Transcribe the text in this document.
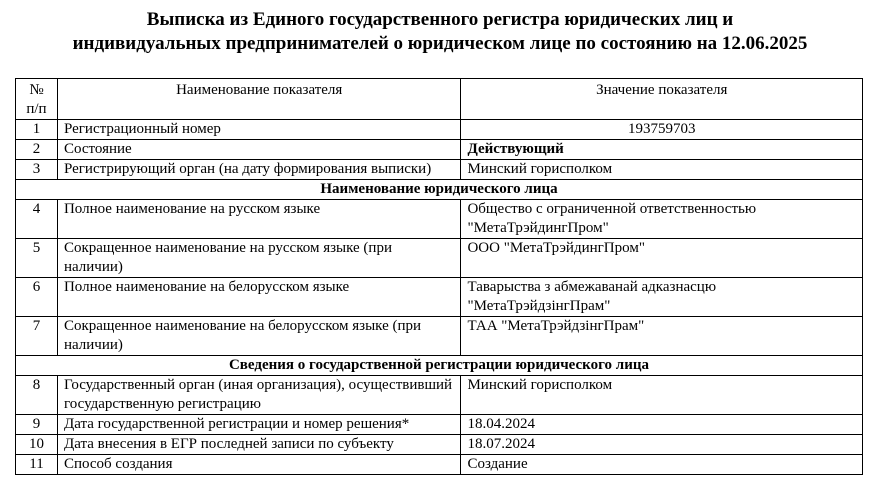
Выписка из Единого государственного регистра юридических лиц и
индивидуальных предпринимателей о юридическом лице по состоянию на 12.06.2025
№
п/п	Наименование показателя	Значение показателя
1	Регистрационный номер	193759703
2	Состояние	Действующий
3	Регистрирующий орган (на дату формирования выписки)	Минский горисполком
Наименование юридического лица		
4	Полное наименование на русском языке	Общество с ограниченной ответственностью "МетаТрэйдингПром"
5	Сокращенное наименование на русском языке (при наличии)	ООО "МетаТрэйдингПром"
6	Полное наименование на белорусском языке	Таварыства з абмежаванай адказнасцю "МетаТрэйдзінгПрам"
7	Сокращенное наименование на белорусском языке (при наличии)	ТАА "МетаТрэйдзінгПрам"
Сведения о государственной регистрации юридического лица		
8	Государственный орган (иная организация), осуществивший государственную регистрацию	Минский горисполком
9	Дата государственной регистрации и номер решения*	18.04.2024
10	Дата внесения в ЕГР последней записи по субъекту	18.07.2024
11	Способ создания	Создание
